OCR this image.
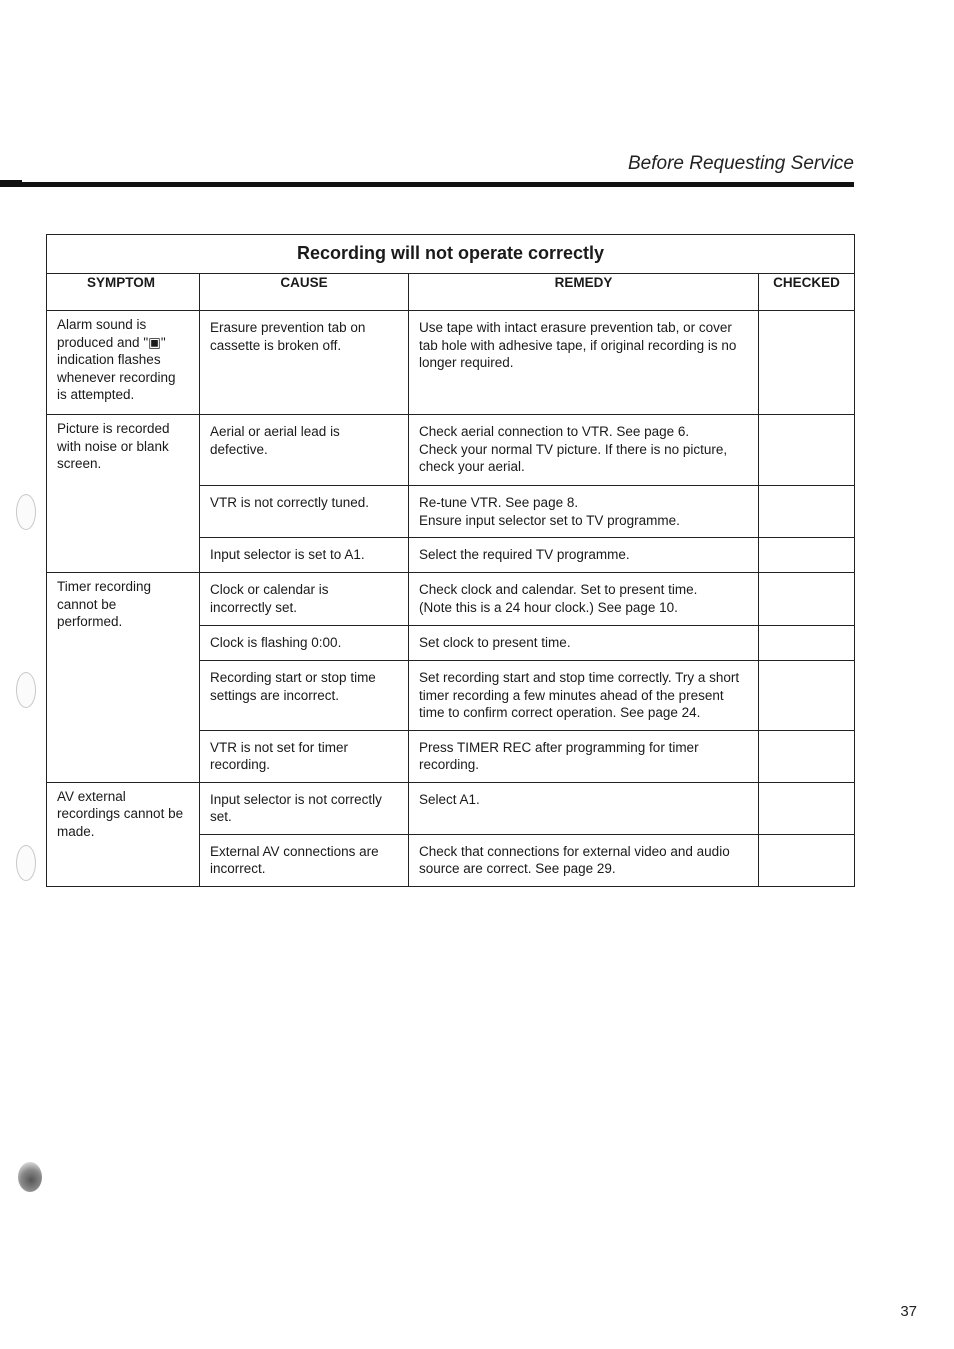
Before Requesting Service
Recording will not operate correctly			
SYMPTOM	CAUSE	REMEDY	CHECKED

Alarm sound is
produced and "▣"
indication flashes
whenever recording
is attempted.	Erasure prevention tab on
cassette is broken off.	Use tape with intact erasure prevention tab, or cover
tab hole with adhesive tape, if original recording is no
longer required.	

Picture is recorded
with noise or blank
screen.	Aerial or aerial lead is
defective.	Check aerial connection to VTR. See page 6.
Check your normal TV picture. If there is no picture,
check your aerial.	

	VTR is not correctly tuned.	Re-tune VTR. See page 8.
Ensure input selector set to TV programme.	

	Input selector is set to A1.	Select the required TV programme.	

Timer recording
cannot be
performed.	Clock or calendar is
incorrectly set.	Check clock and calendar. Set to present time.
(Note this is a 24 hour clock.) See page 10.	

	Clock is flashing 0:00.	Set clock to present time.	

	Recording start or stop time
settings are incorrect.	Set recording start and stop time correctly. Try a short
timer recording a few minutes ahead of the present
time to confirm correct operation. See page 24.	

	VTR is not set for timer
recording.	Press TIMER REC after programming for timer
recording.	

AV external
recordings cannot be
made.	Input selector is not correctly
set.	Select A1.	

	External AV connections are
incorrect.	Check that connections for external video and audio
source are correct. See page 29.	

37
